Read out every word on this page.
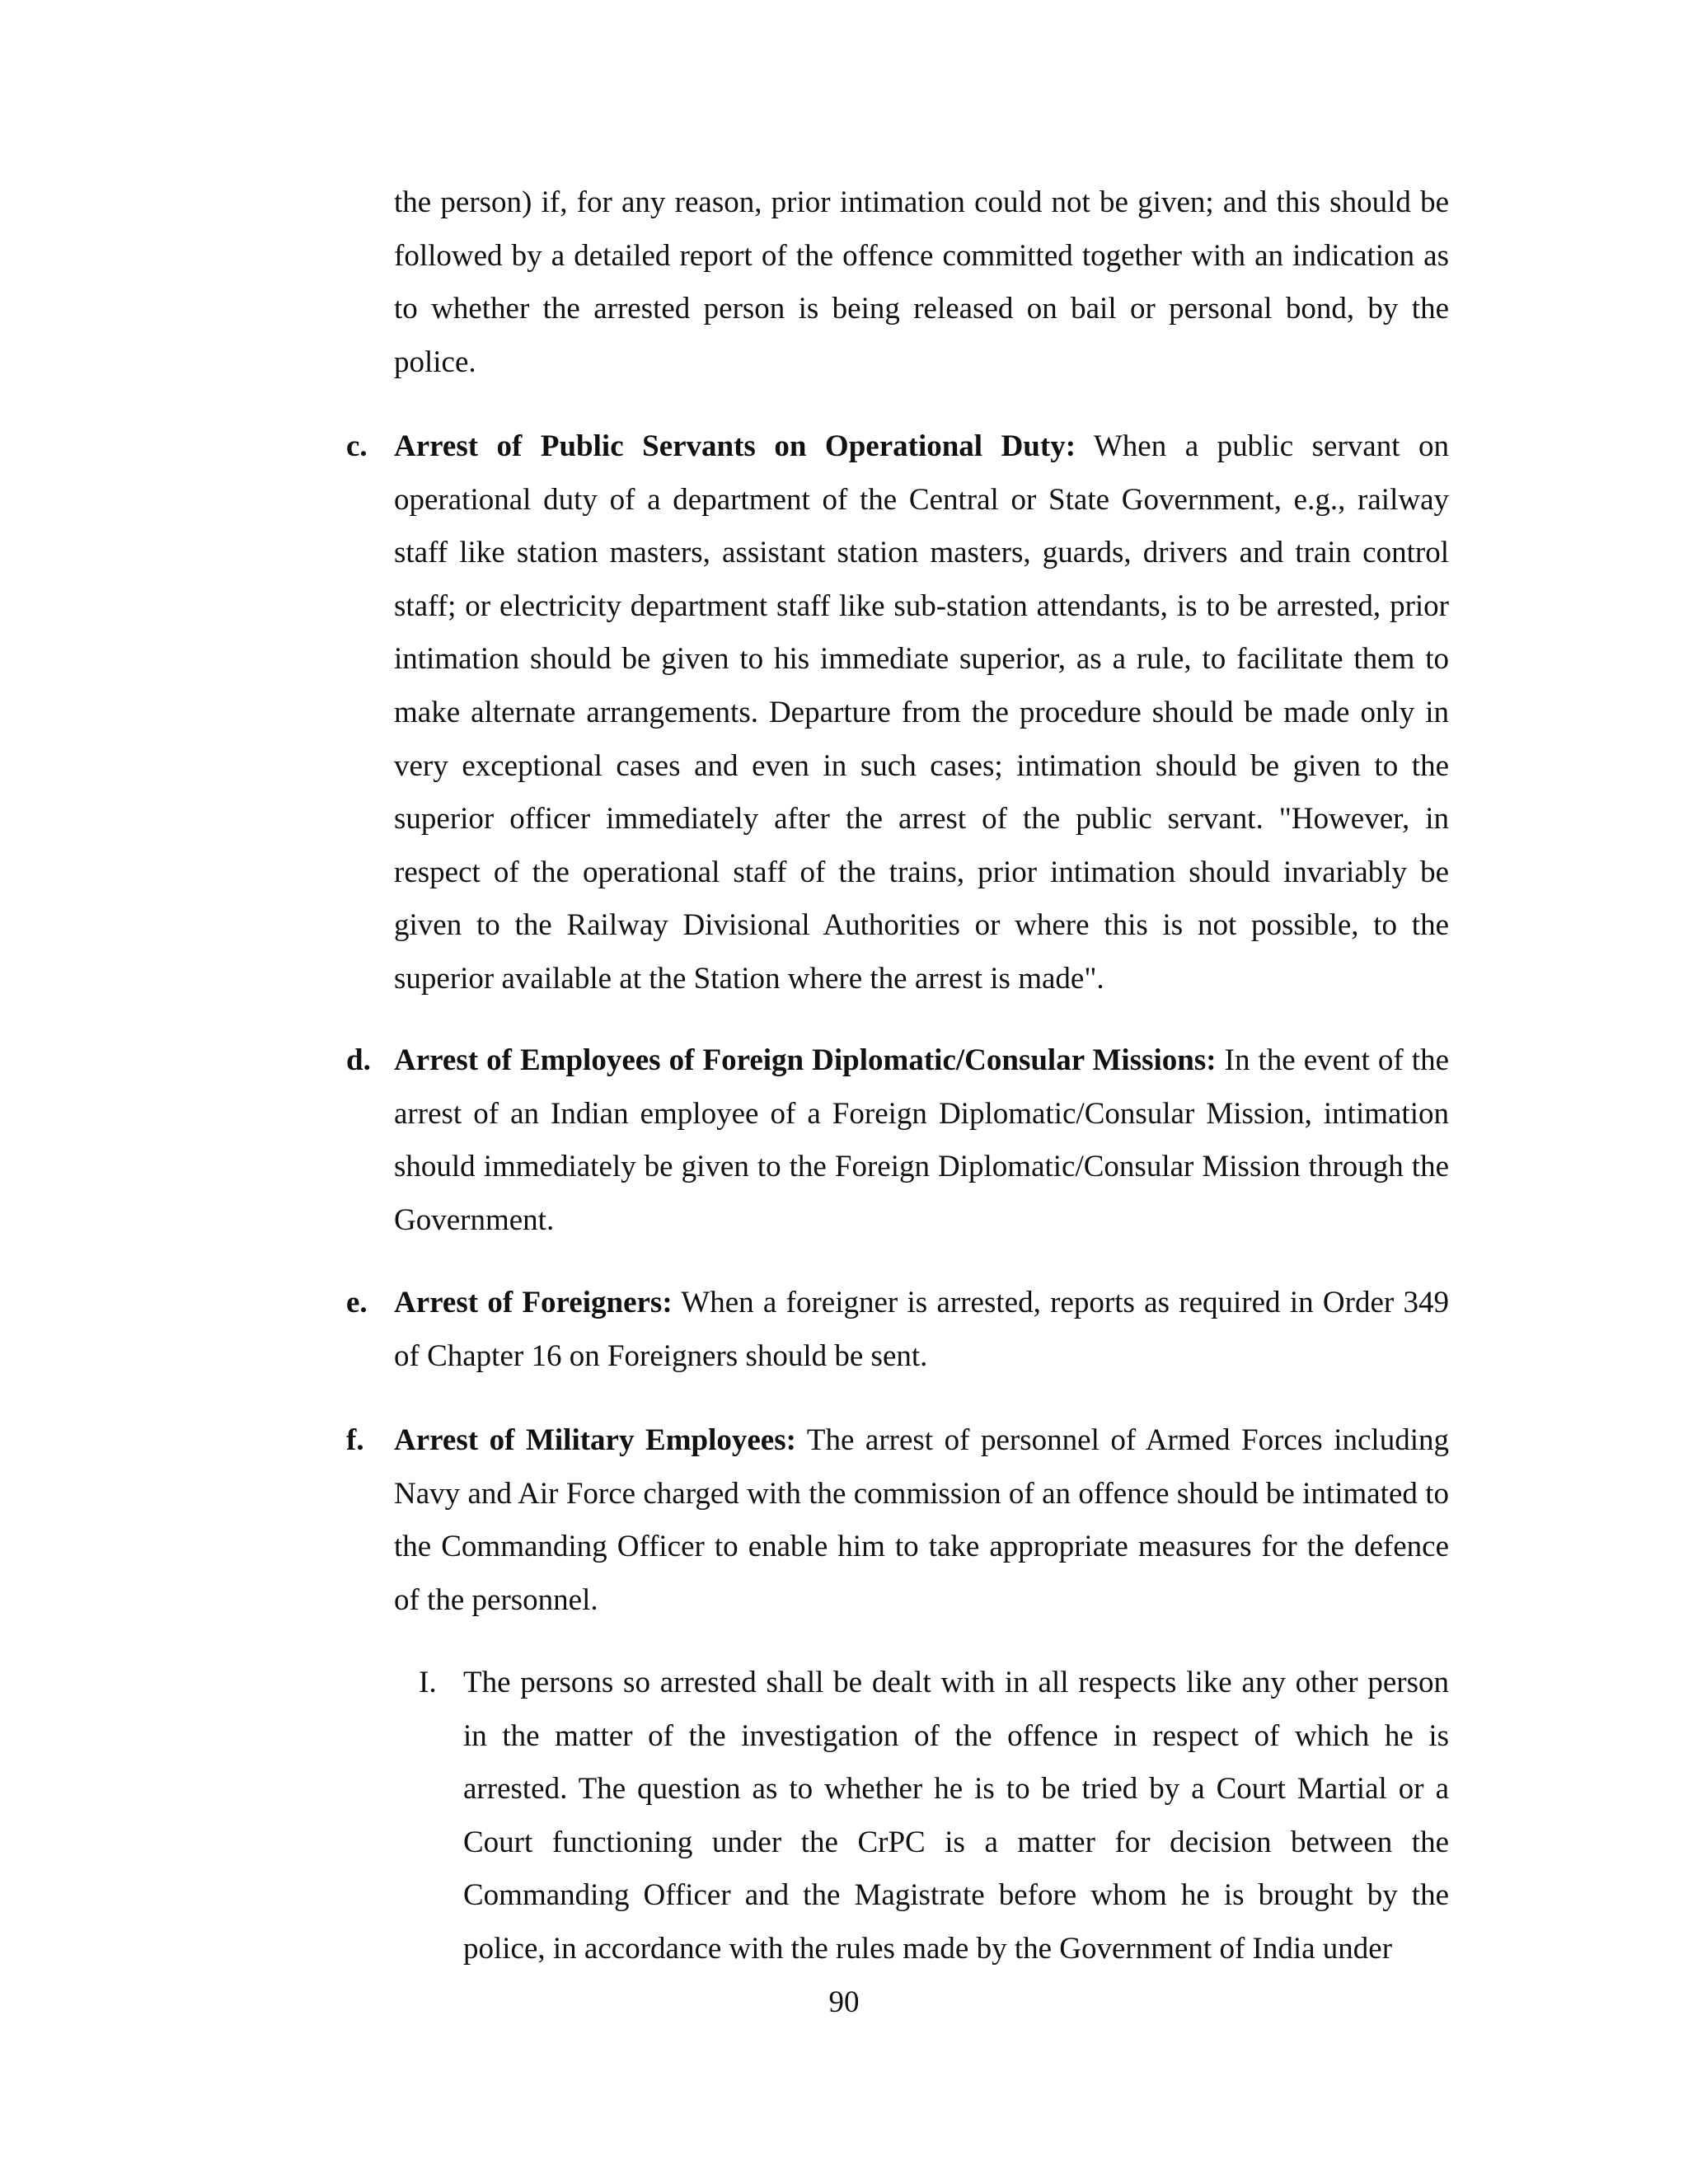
the person) if, for any reason, prior intimation could not be given; and this should be followed by a detailed report of the offence committed together with an indication as to whether the arrested person is being released on bail or personal bond, by the police.

c. Arrest of Public Servants on Operational Duty: When a public servant on operational duty of a department of the Central or State Government, e.g., railway staff like station masters, assistant station masters, guards, drivers and train control staff; or electricity department staff like sub-station attendants, is to be arrested, prior intimation should be given to his immediate superior, as a rule, to facilitate them to make alternate arrangements. Departure from the procedure should be made only in very exceptional cases and even in such cases; intimation should be given to the superior officer immediately after the arrest of the public servant. "However, in respect of the operational staff of the trains, prior intimation should invariably be given to the Railway Divisional Authorities or where this is not possible, to the superior available at the Station where the arrest is made".
d. Arrest of Employees of Foreign Diplomatic/Consular Missions: In the event of the arrest of an Indian employee of a Foreign Diplomatic/Consular Mission, intimation should immediately be given to the Foreign Diplomatic/Consular Mission through the Government.
e. Arrest of Foreigners: When a foreigner is arrested, reports as required in Order 349 of Chapter 16 on Foreigners should be sent.
f. Arrest of Military Employees: The arrest of personnel of Armed Forces including Navy and Air Force charged with the commission of an offence should be intimated to the Commanding Officer to enable him to take appropriate measures for the defence of the personnel.
I. The persons so arrested shall be dealt with in all respects like any other person in the matter of the investigation of the offence in respect of which he is arrested. The question as to whether he is to be tried by a Court Martial or a Court functioning under the CrPC is a matter for decision between the Commanding Officer and the Magistrate before whom he is brought by the police, in accordance with the rules made by the Government of India under
90
